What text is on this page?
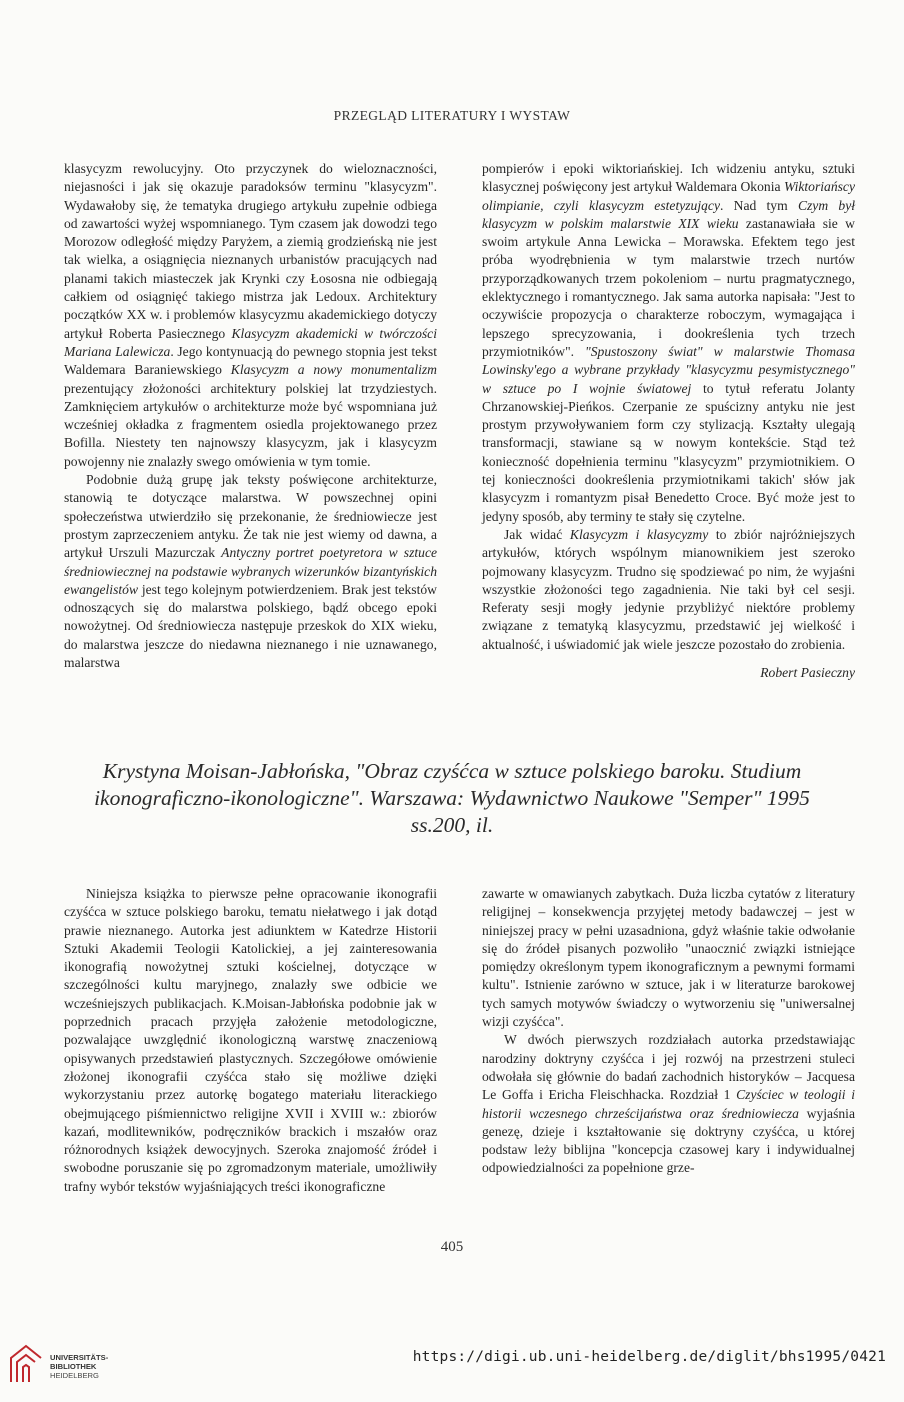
PRZEGLĄD LITERATURY I WYSTAW

klasycyzm rewolucyjny. Oto przyczynek do wieloznaczności, niejasności i jak się okazuje paradoksów terminu "klasycyzm". Wydawałoby się, że tematyka drugiego artykułu zupełnie odbiega od zawartości wyżej wspomnianego. Tym czasem jak dowodzi tego Morozow odległość między Paryżem, a ziemią grodzieńską nie jest tak wielka, a osiągnięcia nieznanych urbanistów pracujących nad planami takich miasteczek jak Krynki czy Łososna nie odbiegają całkiem od osiągnięć takiego mistrza jak Ledoux. Architektury początków XX w. i problemów klasycyzmu akademickiego dotyczy artykuł Roberta Pasiecznego Klasycyzm akademicki w twórczości Mariana Lalewicza. Jego kontynuacją do pewnego stopnia jest tekst Waldemara Baraniewskiego Klasycyzm a nowy monumentalizm prezentujący złożoności architektury polskiej lat trzydziestych. Zamknięciem artykułów o architekturze może być wspomniana już wcześniej okładka z fragmentem osiedla projektowanego przez Bofilla. Niestety ten najnowszy klasycyzm, jak i klasycyzm powojenny nie znalazły swego omówienia w tym tomie.

Podobnie dużą grupę jak teksty poświęcone architekturze, stanowią te dotyczące malarstwa. W powszechnej opini społeczeństwa utwierdziło się przekonanie, że średniowiecze jest prostym zaprzeczeniem antyku. Że tak nie jest wiemy od dawna, a artykuł Urszuli Mazurczak Antyczny portret poetyretora w sztuce średniowiecznej na podstawie wybranych wizerunków bizantyńskich ewangelistów jest tego kolejnym potwierdzeniem. Brak jest tekstów odnoszących się do malarstwa polskiego, bądź obcego epoki nowożytnej. Od średniowiecza następuje przeskok do XIX wieku, do malarstwa jeszcze do niedawna nieznanego i nie uznawanego, malarstwa

pompierów i epoki wiktoriańskiej. Ich widzeniu antyku, sztuki klasycznej poświęcony jest artykuł Waldemara Okonia Wiktoriańscy olimpianie, czyli klasycyzm estetyzujący. Nad tym Czym był klasycyzm w polskim malarstwie XIX wieku zastanawiała sie w swoim artykule Anna Lewicka – Morawska. Efektem tego jest próba wyodrębnienia w tym malarstwie trzech nurtów przyporządkowanych trzem pokoleniom – nurtu pragmatycznego, eklektycznego i romantycznego. Jak sama autorka napisała: "Jest to oczywiście propozycja o charakterze roboczym, wymagająca i lepszego sprecyzowania, i dookreślenia tych trzech przymiotników". "Spustoszony świat" w malarstwie Thomasa Lowinsky'ego a wybrane przykłady "klasycyzmu pesymistycznego" w sztuce po I wojnie światowej to tytuł referatu Jolanty Chrzanowskiej-Pieńkos. Czerpanie ze spuścizny antyku nie jest prostym przywoływaniem form czy stylizacją. Kształty ulegają transformacji, stawiane są w nowym kontekście. Stąd też konieczność dopełnienia terminu "klasycyzm" przymiotnikiem. O tej konieczności dookreślenia przymiotnikami takich' słów jak klasycyzm i romantyzm pisał Benedetto Croce. Być może jest to jedyny sposób, aby terminy te stały się czytelne.

Jak widać Klasycyzm i klasycyzmy to zbiór najróżniejszych artykułów, których wspólnym mianownikiem jest szeroko pojmowany klasycyzm. Trudno się spodziewać po nim, że wyjaśni wszystkie złożoności tego zagadnienia. Nie taki był cel sesji. Referaty sesji mogły jedynie przybliżyć niektóre problemy związane z tematyką klasycyzmu, przedstawić jej wielkość i aktualność, i uświadomić jak wiele jeszcze pozostało do zrobienia.

Robert Pasieczny

Krystyna Moisan-Jabłońska, "Obraz czyśćca w sztuce polskiego baroku. Studium
ikonograficzno-ikonologiczne". Warszawa: Wydawnictwo Naukowe "Semper" 1995
ss.200, il.

Niniejsza książka to pierwsze pełne opracowanie ikonografii czyśćca w sztuce polskiego baroku, tematu niełatwego i jak dotąd prawie nieznanego. Autorka jest adiunktem w Katedrze Historii Sztuki Akademii Teologii Katolickiej, a jej zainteresowania ikonografią nowożytnej sztuki kościelnej, dotyczące w szczególności kultu maryjnego, znalazły swe odbicie we wcześniejszych publikacjach. K.Moisan-Jabłońska podobnie jak w poprzednich pracach przyjęła założenie metodologiczne, pozwalające uwzględnić ikonologiczną warstwę znaczeniową opisywanych przedstawień plastycznych. Szczegółowe omówienie złożonej ikonografii czyśćca stało się możliwe dzięki wykorzystaniu przez autorkę bogatego materiału literackiego obejmującego piśmiennictwo religijne XVII i XVIII w.: zbiorów kazań, modlitewników, podręczników brackich i mszałów oraz różnorodnych książek dewocyjnych. Szeroka znajomość źródeł i swobodne poruszanie się po zgromadzonym materiale, umożliwiły trafny wybór tekstów wyjaśniających treści ikonograficzne

zawarte w omawianych zabytkach. Duża liczba cytatów z literatury religijnej – konsekwencja przyjętej metody badawczej – jest w niniejszej pracy w pełni uzasadniona, gdyż właśnie takie odwołanie się do źródeł pisanych pozwoliło "unaocznić związki istniejące pomiędzy określonym typem ikonograficznym a pewnymi formami kultu". Istnienie zarówno w sztuce, jak i w literaturze barokowej tych samych motywów świadczy o wytworzeniu się "uniwersalnej wizji czyśćca".

W dwóch pierwszych rozdziałach autorka przedstawiając narodziny doktryny czyśćca i jej rozwój na przestrzeni stuleci odwołała się głównie do badań zachodnich historyków – Jacquesa Le Goffa i Ericha Fleischhacka. Rozdział 1 Czyściec w teologii i historii wczesnego chrześcijaństwa oraz średniowiecza wyjaśnia genezę, dzieje i kształtowanie się doktryny czyśćca, u której podstaw leży biblijna "koncepcja czasowej kary i indywidualnej odpowiedzialności za popełnione grze-

405
UNIVERSITÄTS-
BIBLIOTHEK
HEIDELBERG
https://digi.ub.uni-heidelberg.de/diglit/bhs1995/0421
